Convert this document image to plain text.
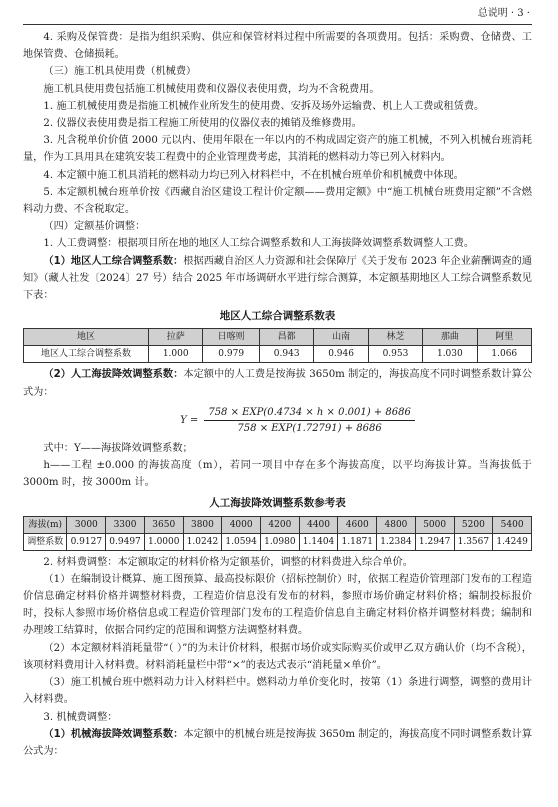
总说明 · 3 ·

4. 采购及保管费：是指为组织采购、供应和保管材料过程中所需要的各项费用。包括：采购费、仓储费、工地保管费、仓储损耗。

（三）施工机具使用费（机械费）

施工机具使用费包括施工机械使用费和仪器仪表使用费，均为不含税费用。

1. 施工机械使用费是指施工机械作业所发生的使用费、安拆及场外运输费、机上人工费或租赁费。

2. 仪器仪表使用费是指工程施工所使用的仪器仪表的摊销及维修费用。

3. 凡含税单价价值 2000 元以内、使用年限在一年以内的不构成固定资产的施工机械，不列入机械台班消耗量，作为工具用具在建筑安装工程费中的企业管理费考虑，其消耗的燃料动力等已列入材料内。

4. 本定额中施工机具消耗的燃料动力均已列入材料栏中，不在机械台班单价和机械费中体现。

5. 本定额机械台班单价按《西藏自治区建设工程计价定额——费用定额》中“施工机械台班费用定额”不含燃料动力费、不含税取定。

（四）定额基价调整：

1. 人工费调整：根据项目所在地的地区人工综合调整系数和人工海拔降效调整系数调整人工费。

（1）地区人工综合调整系数：根据西藏自治区人力资源和社会保障厅《关于发布 2023 年企业薪酬调查的通知》（藏人社发〔2024〕27 号）结合 2025 年市场调研水平进行综合测算，本定额基期地区人工综合调整系数见下表：

地区人工综合调整系数表
地区	拉萨	日喀则	昌都	山南	林芝	那曲	阿里
地区人工综合调整系数	1.000	0.979	0.943	0.946	0.953	1.030	1.066

（2）人工海拔降效调整系数：本定额中的人工费是按海拔 3650m 制定的，海拔高度不同时调整系数计算公式为：

$Y = \frac{\text{758 × EXP(0.4734 × h × 0.001) + 8686}}{\text{758 × EXP(1.72791) + 8686}}$

式中：Y——海拔降效调整系数；

h——工程 ±0.000 的海拔高度（m），若同一项目中存在多个海拔高度，以平均海拔计算。当海拔低于 3000m 时，按 3000m 计。

人工海拔降效调整系数参考表
海拔(m)	3000	3300	3650	3800	4000	4200	4400	4600	4800	5000	5200	5400
调整系数	0.9127	0.9497	1.0000	1.0242	1.0594	1.0980	1.1404	1.1871	1.2384	1.2947	1.3567	1.4249

2. 材料费调整：本定额取定的材料价格为定额基价，调整的材料费进入综合单价。

（1）在编制设计概算、施工图预算、最高投标限价（招标控制价）时，依据工程造价管理部门发布的工程造价信息确定材料价格并调整材料费，工程造价信息没有发布的材料，参照市场价确定材料价格；编制投标报价时，投标人参照市场价格信息或工程造价管理部门发布的工程造价信息自主确定材料价格并调整材料费；编制和办理竣工结算时，依据合同约定的范围和调整方法调整材料费。

（2）本定额材料消耗量带“（ ）”的为未计价材料，根据市场价或实际购买价或甲乙双方确认价（均不含税），该项材料费用计入材料费。材料消耗量栏中带“×”的表达式表示“消耗量×单价”。

（3）施工机械台班中燃料动力计入材料栏中。燃料动力单价变化时，按第（1）条进行调整，调整的费用计入材料费。

3. 机械费调整：

（1）机械海拔降效调整系数：本定额中的机械台班是按海拔 3650m 制定的，海拔高度不同时调整系数计算公式为：
